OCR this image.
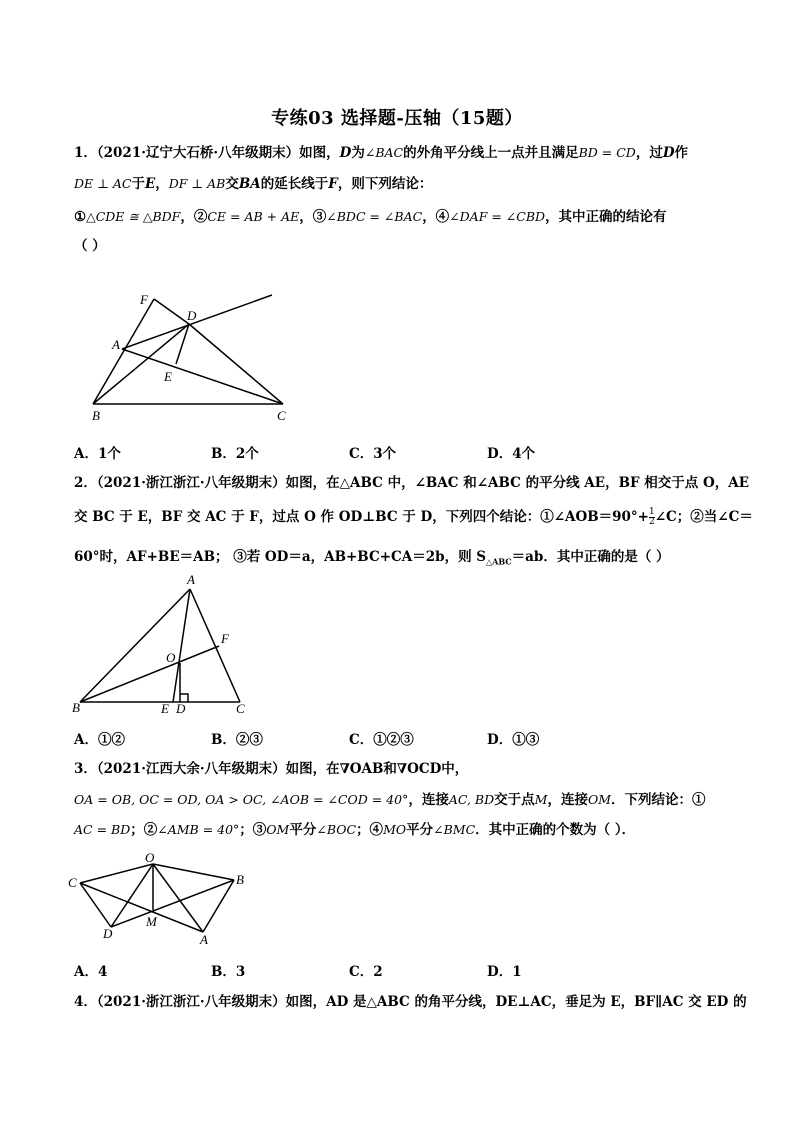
专练03 选择题-压轴（15题）
1．（2021·辽宁大石桥·八年级期末）如图，D为∠BAC的外角平分线上一点并且满足BD = CD，过D作
DE ⊥ AC于E，DF ⊥ AB交BA的延长线于F，则下列结论：
①△CDE ≅ △BDF，②CE = AB + AE，③∠BDC = ∠BAC，④∠DAF = ∠CBD，其中正确的结论有
（ ）
F
D
A
E
B	C
A．1个	B．2个	C．3个	D．4个
2．（2021·浙江浙江·八年级期末）如图，在△ABC 中，∠BAC 和∠ABC 的平分线 AE，BF 相交于点 O，AE
交 BC 于 E，BF 交 AC 于 F，过点 O 作 OD⊥BC 于 D，下列四个结论：①∠AOB＝90°+ $\frac{1}{2}$ ∠C；②当∠C＝
60°时，AF+BE＝AB； ③若 OD＝a，AB+BC+CA＝2b，则 $S_{\triangle ABC}=ab$．其中正确的是（ ）
A
F
O
B	E D	C
A．①②	B．②③	C．①②③	D．①③
3．（2021·江西大余·八年级期末）如图，在∇OAB和∇OCD中，
OA = OB, OC = OD, OA > OC, ∠AOB = ∠COD = 40°，连接AC, BD交于点M，连接OM．下列结论：①
AC = BD；②∠AMB = 40°；③OM平分∠BOC；④MO平分∠BMC．其中正确的个数为（ ）．
O
C	B
M
D	A
A．4	B．3	C．2	D．1
4．（2021·浙江浙江·八年级期末）如图，AD 是△ABC 的角平分线，DE⊥AC，垂足为 E，BF∥AC 交 ED 的
